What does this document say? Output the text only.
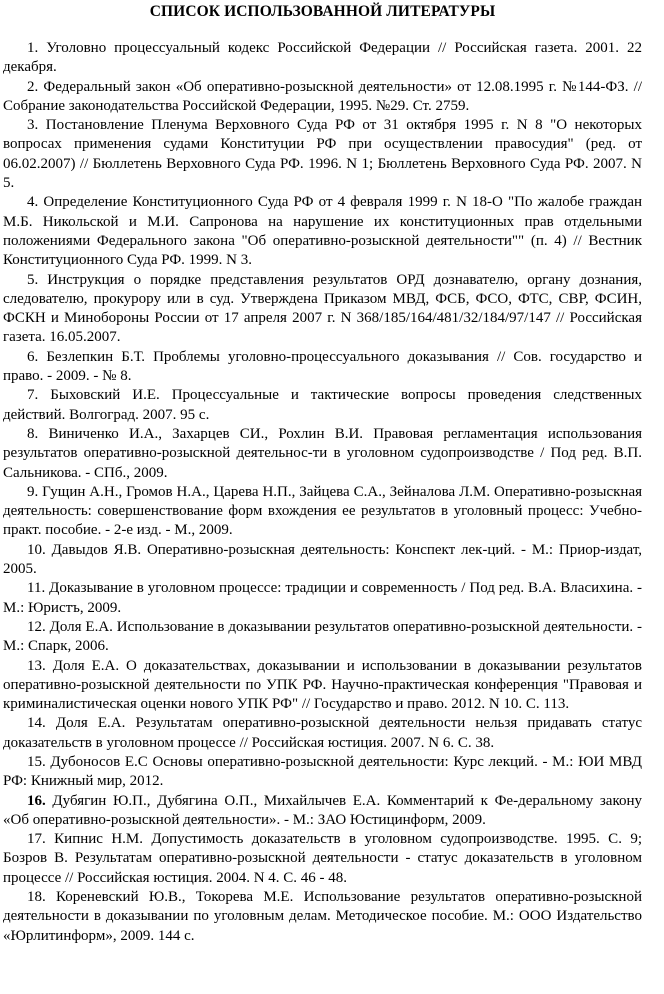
СПИСОК ИСПОЛЬЗОВАННОЙ ЛИТЕРАТУРЫ

1. Уголовно процессуальный кодекс Российской Федерации // Российская газета. 2001. 22 декабря.

2. Федеральный закон «Об оперативно-розыскной деятельности» от 12.08.1995 г. №144-ФЗ. // Собрание законодательства Российской Федерации, 1995. №29. Ст. 2759.

3. Постановление Пленума Верховного Суда РФ от 31 октября 1995 г. N 8 "О некоторых вопросах применения судами Конституции РФ при осуществлении правосудия" (ред. от 06.02.2007) // Бюллетень Верховного Суда РФ. 1996. N 1; Бюллетень Верховного Суда РФ. 2007. N 5.

4. Определение Конституционного Суда РФ от 4 февраля 1999 г. N 18-О "По жалобе граждан М.Б. Никольской и М.И. Сапронова на нарушение их конституционных прав отдельными положениями Федерального закона "Об оперативно-розыскной деятельности"" (п. 4) // Вестник Конституционного Суда РФ. 1999. N 3.

5. Инструкция о порядке представления результатов ОРД дознавателю, органу дознания, следователю, прокурору или в суд. Утверждена Приказом МВД, ФСБ, ФСО, ФТС, СВР, ФСИН, ФСКН и Минобороны России от 17 апреля 2007 г. N 368/185/164/481/32/184/97/147 // Российская газета. 16.05.2007.

6. Безлепкин Б.Т. Проблемы уголовно-процессуального доказывания // Сов. государство и право. - 2009. - № 8.

7. Быховский И.Е. Процессуальные и тактические вопросы проведения следственных действий. Волгоград. 2007. 95 с.

8. Виниченко И.А., Захарцев СИ., Рохлин В.И. Правовая регламентация использования результатов оперативно-розыскной деятельнос-ти в уголовном судопроизводстве / Под ред. В.П. Сальникова. - СПб., 2009.

9. Гущин А.Н., Громов Н.А., Царева Н.П., Зайцева С.А., Зейналова Л.М. Оперативно-розыскная деятельность: совершенствование форм вхождения ее результатов в уголовный процесс: Учебно-практ. пособие. - 2-е изд. - М., 2009.

10. Давыдов Я.В. Оперативно-розыскная деятельность: Конспект лек-ций. - М.: Приор-издат, 2005.

11. Доказывание в уголовном процессе: традиции и современность / Под ред. В.А. Власихина. - М.: Юристъ, 2009.

12. Доля Е.А. Использование в доказывании результатов оперативно-розыскной деятельности. - М.: Спарк, 2006.

13. Доля Е.А. О доказательствах, доказывании и использовании в доказывании результатов оперативно-розыскной деятельности по УПК РФ. Научно-практическая конференция "Правовая и криминалистическая оценки нового УПК РФ" // Государство и право. 2012. N 10. С. 113.

14. Доля Е.А. Результатам оперативно-розыскной деятельности нельзя придавать статус доказательств в уголовном процессе // Российская юстиция. 2007. N 6. С. 38.

15. Дубоносов Е.С Основы оперативно-розыскной деятельности: Курс лекций. - М.: ЮИ МВД РФ: Книжный мир, 2012.

16. Дубягин Ю.П., Дубягина О.П., Михайлычев Е.А. Комментарий к Фе-деральному закону «Об оперативно-розыскной деятельности». - М.: ЗАО Юстицинформ, 2009.

17. Кипнис Н.М. Допустимость доказательств в уголовном судопроизводстве. 1995. С. 9; Бозров В. Результатам оперативно-розыскной деятельности - статус доказательств в уголовном процессе // Российская юстиция. 2004. N 4. С. 46 - 48.

18. Кореневский Ю.В., Токорева М.Е. Использование результатов оперативно-розыскной деятельности в доказывании по уголовным делам. Методическое пособие. М.: ООО Издательство «Юрлитинформ», 2009. 144 с.
